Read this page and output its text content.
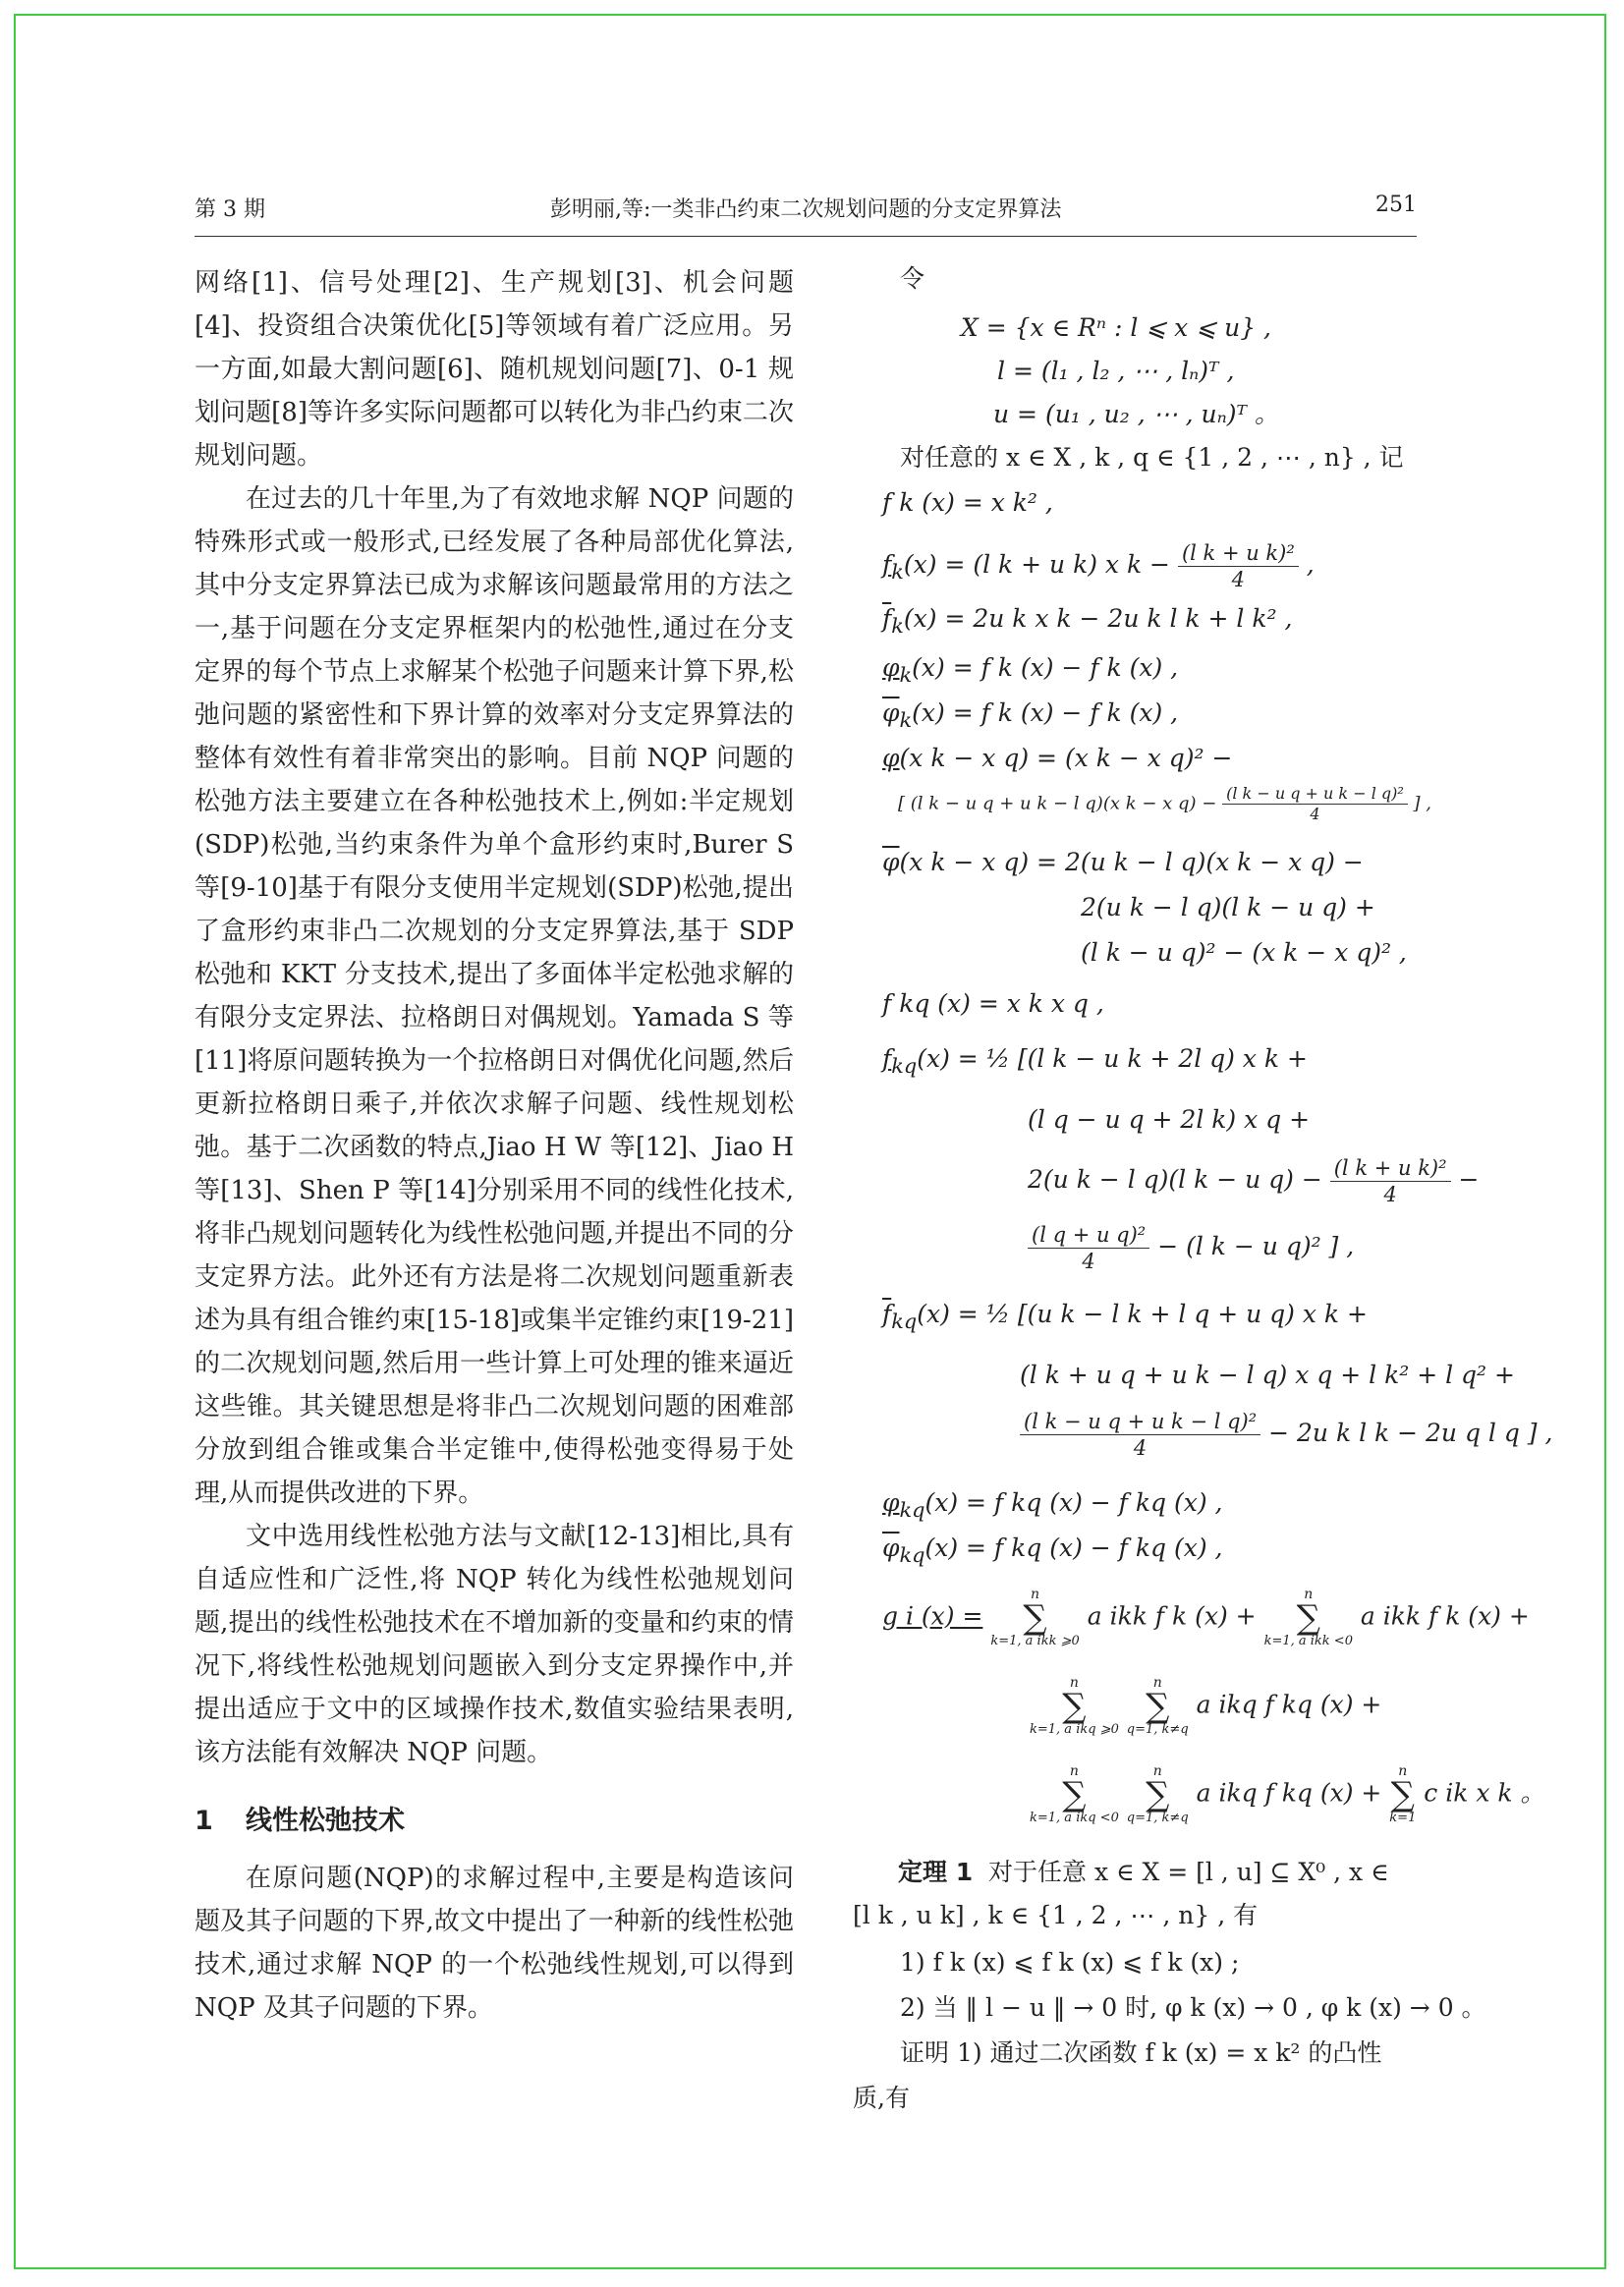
第 3 期	彭明丽,等:一类非凸约束二次规划问题的分支定界算法	251

网络[1]、信号处理[2]、生产规划[3]、机会问题[4]、投资组合决策优化[5]等领域有着广泛应用。另一方面,如最大割问题[6]、随机规划问题[7]、0-1 规划问题[8]等许多实际问题都可以转化为非凸约束二次规划问题。

在过去的几十年里,为了有效地求解 NQP 问题的特殊形式或一般形式,已经发展了各种局部优化算法,其中分支定界算法已成为求解该问题最常用的方法之一,基于问题在分支定界框架内的松弛性,通过在分支定界的每个节点上求解某个松弛子问题来计算下界,松弛问题的紧密性和下界计算的效率对分支定界算法的整体有效性有着非常突出的影响。目前 NQP 问题的松弛方法主要建立在各种松弛技术上,例如:半定规划(SDP)松弛,当约束条件为单个盒形约束时,Burer S 等[9-10]基于有限分支使用半定规划(SDP)松弛,提出了盒形约束非凸二次规划的分支定界算法,基于 SDP 松弛和 KKT 分支技术,提出了多面体半定松弛求解的有限分支定界法、拉格朗日对偶规划。Yamada S 等[11]将原问题转换为一个拉格朗日对偶优化问题,然后更新拉格朗日乘子,并依次求解子问题、线性规划松弛。基于二次函数的特点,Jiao H W 等[12]、Jiao H 等[13]、Shen P 等[14]分别采用不同的线性化技术,将非凸规划问题转化为线性松弛问题,并提出不同的分支定界方法。此外还有方法是将二次规划问题重新表述为具有组合锥约束[15-18]或集半定锥约束[19-21]的二次规划问题,然后用一些计算上可处理的锥来逼近这些锥。其关键思想是将非凸二次规划问题的困难部分放到组合锥或集合半定锥中,使得松弛变得易于处理,从而提供改进的下界。

文中选用线性松弛方法与文献[12-13]相比,具有自适应性和广泛性,将 NQP 转化为线性松弛规划问题,提出的线性松弛技术在不增加新的变量和约束的情况下,将线性松弛规划问题嵌入到分支定界操作中,并提出适应于文中的区域操作技术,数值实验结果表明,该方法能有效解决 NQP 问题。

1 线性松弛技术

在原问题(NQP)的求解过程中,主要是构造该问题及其子问题的下界,故文中提出了一种新的线性松弛技术,通过求解 NQP 的一个松弛线性规划,可以得到 NQP 及其子问题的下界。

令
X = {x ∈ Rⁿ : l ⩽ x ⩽ u} ,
l = (l₁ , l₂ , ⋯ , lₙ)ᵀ ,
u = (u₁ , u₂ , ⋯ , uₙ)ᵀ 。
对任意的 x ∈ X , k , q ∈ {1 , 2 , ⋯ , n} , 记
f k (x) = x k² ,
$f_k(x) = (l$ k + u k) x $k - \frac{\text{(l k + u k)²}}{4}$ ,
$\overline{f}_k(x) = 2u$ k x k − 2u k l k + l k² ,
$\varphi_k(x) = f$ k (x) − f k (x) ,
$\overline{\varphi}_k(x) = f$ k (x) − f k (x) ,
φ(x k − x q) = (x k − x q)² −
[ (l k − u q + u k − l q)(x k − x $q) - \frac{\text{(l k − u q + u k − l q)²}}{4}$ ] ,
$\overline{\varphi}(x$ k − x q) = 2(u k − l q)(x k − x q) −
2(u k − l q)(l k − u q) +
(l k − u q)² − (x k − x q)² ,
f kq (x) = x k x q ,
$f_{kq}(x)$ = ½ [(l k − u k + 2l q) x k +
(l q − u q + 2l k) x q +
2(u k − l q)(l k − u $q) - \frac{\text{(l k + u k)²}}{4}$ −
$\frac{\text{(l q + u q)²}}{4} - (l$ k − u q)² ] ,
$\overline{f}_{kq}(x)$ = ½ [(u k − l k + l q + u q) x k +
(l k + u q + u k − l q) x q + l k² + l q² +
$\frac{\text{(l k − u q + u k − l q)²}}{4} - 2u$ k l k − 2u q l q ] ,
$\varphi_{kq}(x) = f$ kq (x) − f kq (x) ,
$\overline{\varphi}_{kq}(x) = f$ kq (x) − f kq (x) ,
g i (x) =
n
∑
k=1, a ikk ⩾0
a ikk f k (x) +
n
∑
k=1, a ikk <0
a ikk f k (x) +
n
∑
k=1, a ikq ⩾0

n
∑
q=1, k≠q
a ikq f kq (x) +
n
∑
k=1, a ikq <0

n
∑
q=1, k≠q
a ikq f kq (x) +
n
∑
k=1
c ik x k 。
定理 1 对于任意 x ∈ X = [l , u] ⊆ X⁰ , x ∈
[l k , u k] , k ∈ {1 , 2 , ⋯ , n} , 有
1) f k (x) ⩽ f k (x) ⩽ f k (x) ;
2) 当 ‖ l − u ‖ → 0 时, φ k (x) → 0 , φ k (x) → 0 。
证明 1) 通过二次函数 f k (x) = x k² 的凸性
质,有
